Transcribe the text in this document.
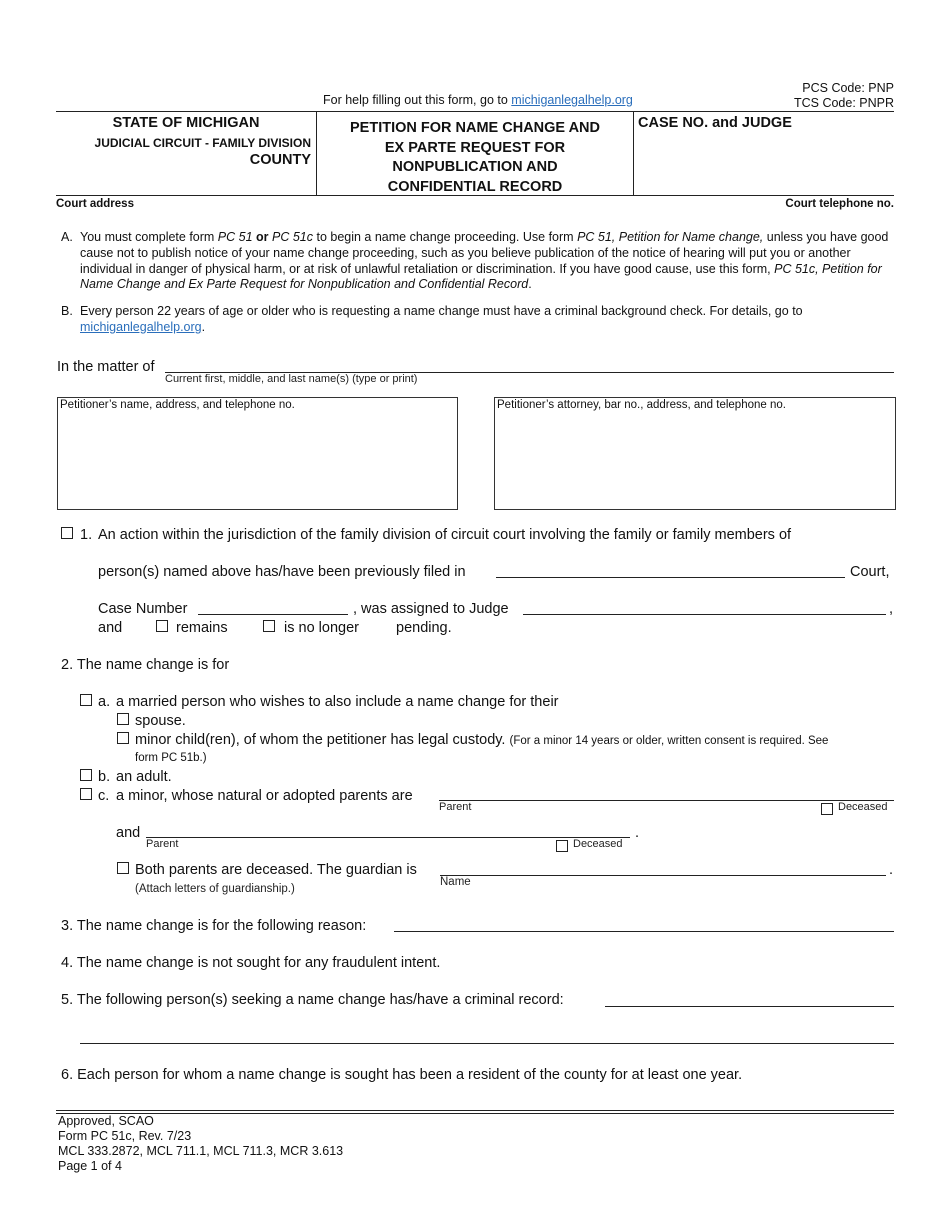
PCS Code: PNP
TCS Code: PNPR
For help filling out this form, go to michiganlegalhelp.org
STATE OF MICHIGAN
JUDICIAL CIRCUIT - FAMILY DIVISION
COUNTY
PETITION FOR NAME CHANGE AND
EX PARTE REQUEST FOR
NONPUBLICATION AND
CONFIDENTIAL RECORD
CASE NO. and JUDGE
Court address	Court telephone no.
A. You must complete form PC 51 or PC 51c to begin a name change proceeding. Use form PC 51, Petition for Name change, unless you have good cause not to publish notice of your name change proceeding, such as you believe publication of the notice of hearing will put you or another individual in danger of physical harm, or at risk of unlawful retaliation or discrimination. If you have good cause, use this form, PC 51c, Petition for Name Change and Ex Parte Request for Nonpublication and Confidential Record.
B. Every person 22 years of age or older who is requesting a name change must have a criminal background check. For details, go to michiganlegalhelp.org.
In the matter of
Current first, middle, and last name(s) (type or print)
Petitioner’s name, address, and telephone no.	Petitioner’s attorney, bar no., address, and telephone no.
1. An action within the jurisdiction of the family division of circuit court involving the family or family members of
person(s) named above has/have been previously filed in	Court,
Case Number	, was assigned to Judge	,
and	remains	is no longer	pending.
2. The name change is for
a. a married person who wishes to also include a name change for their
spouse.
minor child(ren), of whom the petitioner has legal custody. (For a minor 14 years or older, written consent is required. See
form PC 51b.)
b. an adult.
c. a minor, whose natural or adopted parents are
Parent	Deceased
and
Parent	Deceased
.
Both parents are deceased. The guardian is	.
Name
(Attach letters of guardianship.)
3. The name change is for the following reason:
4. The name change is not sought for any fraudulent intent.
5. The following person(s) seeking a name change has/have a criminal record:
6. Each person for whom a name change is sought has been a resident of the county for at least one year.
Approved, SCAO
Form PC 51c, Rev. 7/23
MCL 333.2872, MCL 711.1, MCL 711.3, MCR 3.613
Page 1 of 4
